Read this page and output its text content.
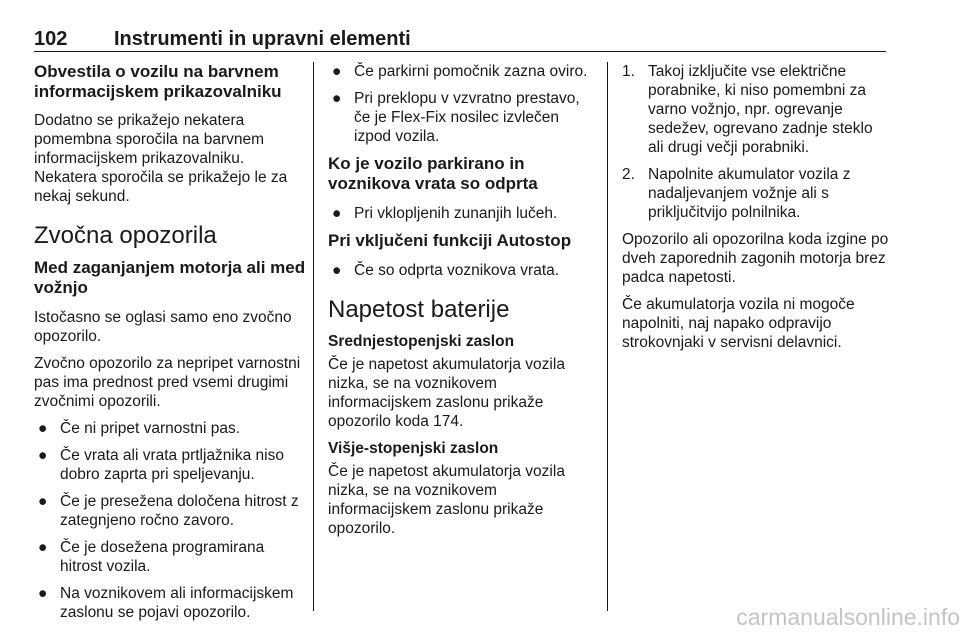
102 Instrumenti in upravni elementi
Obvestila o vozilu na barvnem informacijskem prikazovalniku

Dodatno se prikažejo nekatera pomembna sporočila na barvnem informacijskem prikazovalniku. Nekatera sporočila se prikažejo le za nekaj sekund.

Zvočna opozorila
Med zaganjanjem motorja ali med vožnjo

Istočasno se oglasi samo eno zvočno opozorilo.

Zvočno opozorilo za nepripet varnostni pas ima prednost pred vsemi drugimi zvočnimi opozorili.

● Če ni pripet varnostni pas.
● Če vrata ali vrata prtljažnika niso dobro zaprta pri speljevanju.
● Če je presežena določena hitrost z zategnjeno ročno zavoro.
● Če je dosežena programirana hitrost vozila.
● Na voznikovem ali informacijskem zaslonu se pojavi opozorilo.
● Če parkirni pomočnik zazna oviro.
● Pri preklopu v vzvratno prestavo, če je Flex-Fix nosilec izvlečen izpod vozila.
Ko je vozilo parkirano in voznikova vrata so odprta
● Pri vklopljenih zunanjih lučeh.
Pri vključeni funkciji Autostop
● Če so odprta voznikova vrata.
Napetost baterije
Srednjestopenjski zaslon

Če je napetost akumulatorja vozila nizka, se na voznikovem informacijskem zaslonu prikaže opozorilo koda 174.

Višje-stopenjski zaslon

Če je napetost akumulatorja vozila nizka, se na voznikovem informacijskem zaslonu prikaže opozorilo.

1. Takoj izključite vse električne porabnike, ki niso pomembni za varno vožnjo, npr. ogrevanje sedežev, ogrevano zadnje steklo ali drugi večji porabniki.
2. Napolnite akumulator vozila z nadaljevanjem vožnje ali s priključitvijo polnilnika.

Opozorilo ali opozorilna koda izgine po dveh zaporednih zagonih motorja brez padca napetosti.

Če akumulatorja vozila ni mogoče napolniti, naj napako odpravijo strokovnjaki v servisni delavnici.

carmanualsonline.info
